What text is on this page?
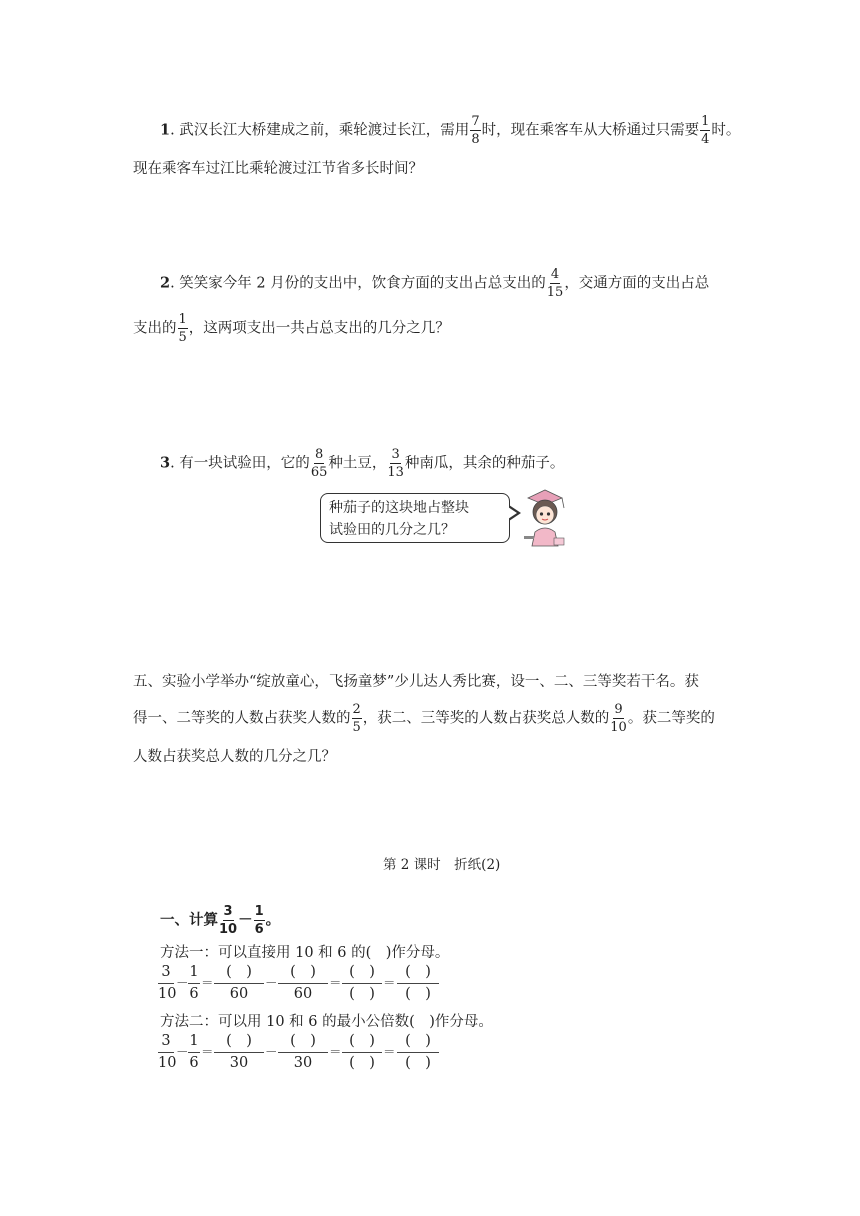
1. 武汉长江大桥建成之前，乘轮渡过长江，需用 $\frac{7}{8}$ 时，现在乘客车从大桥通过只需要 $\frac{1}{4}$ 时。
现在乘客车过江比乘轮渡过江节省多长时间？
2. 笑笑家今年 2 月份的支出中，饮食方面的支出占总支出的 $\frac{4}{15}$ ，交通方面的支出占总
支出的 $\frac{1}{5}$ ，这两项支出一共占总支出的几分之几？
3. 有一块试验田，它的 $\frac{8}{65}$ 种土豆， $\frac{3}{13}$ 种南瓜，其余的种茄子。
种茄子的这块地占整块
试验田的几分之几？
五、实验小学举办“绽放童心，飞扬童梦”少儿达人秀比赛，设一、二、三等奖若干名。获
得一、二等奖的人数占获奖人数的 $\frac{2}{5}$ ，获二、三等奖的人数占获奖总人数的 $\frac{9}{10}$ 。获二等奖的
人数占获奖总人数的几分之几？
第 2 课时　折纸(2)
一、计算 $\frac{3}{10} - \frac{1}{6}$ 。
方法一：可以直接用 10 和 6 的(　)作分母。
3
10
－
1
6
＝
(　)
60
－
(　)
60
＝
(　)
(　)
＝
(　)
(　)
方法二：可以用 10 和 6 的最小公倍数(　)作分母。
3
10
－
1
6
＝
(　)
30
－
(　)
30
＝
(　)
(　)
＝
(　)
(　)
